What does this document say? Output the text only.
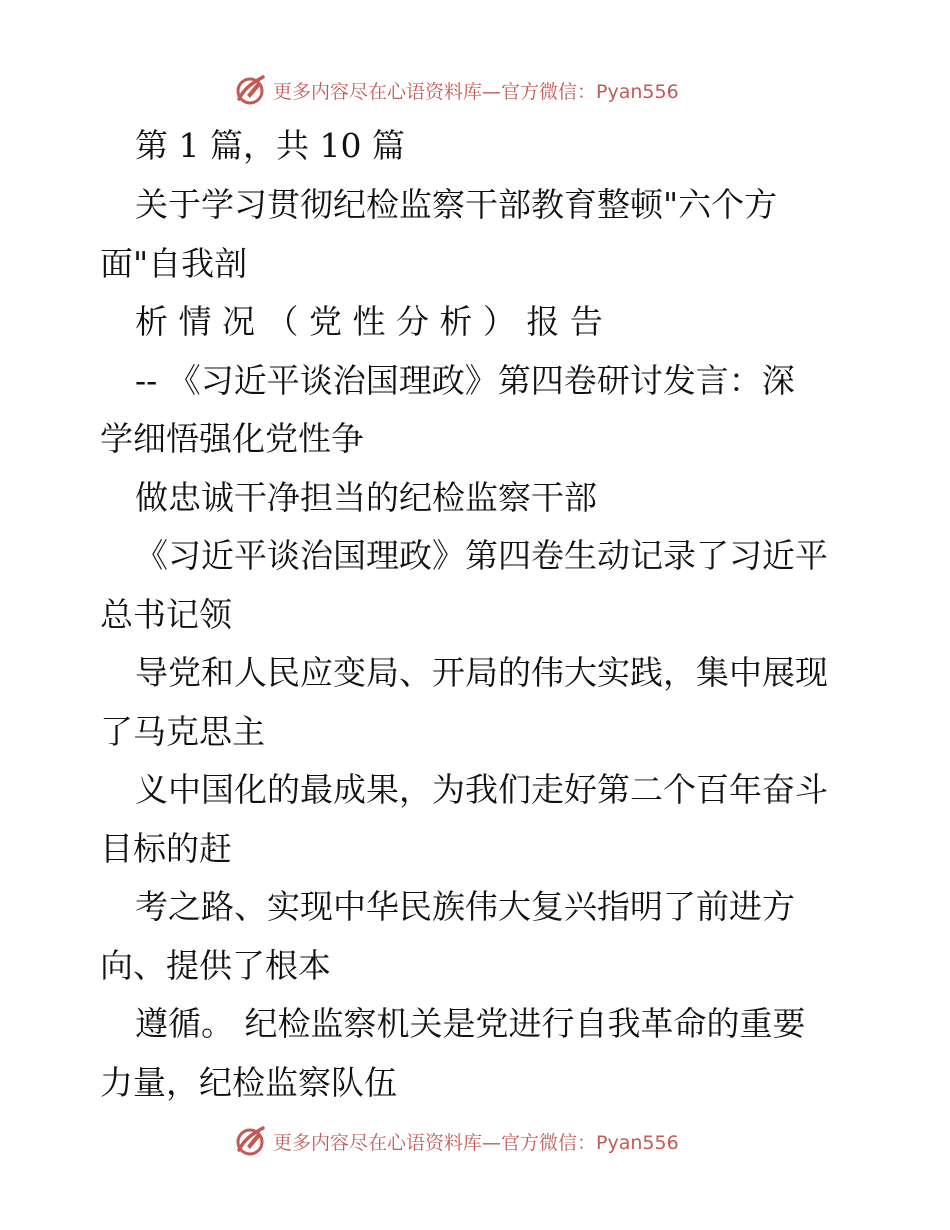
更多内容尽在心语资料库—官方微信：Pyan556
第 1 篇，共 10 篇
关于学习贯彻纪检监察干部教育整顿"六个方
面"自我剖
析 情 况 （ 党 性 分 析 ） 报 告
-- 《习近平谈治国理政》第四卷研讨发言：深
学细悟强化党性争
做忠诚干净担当的纪检监察干部
《习近平谈治国理政》第四卷生动记录了习近平
总书记领
导党和人民应变局、开局的伟大实践，集中展现
了马克思主
义中国化的最成果，为我们走好第二个百年奋斗
目标的赶
考之路、实现中华民族伟大复兴指明了前进方
向、提供了根本
遵循。 纪检监察机关是党进行自我革命的重要
力量，纪检监察队伍
更多内容尽在心语资料库—官方微信：Pyan556
